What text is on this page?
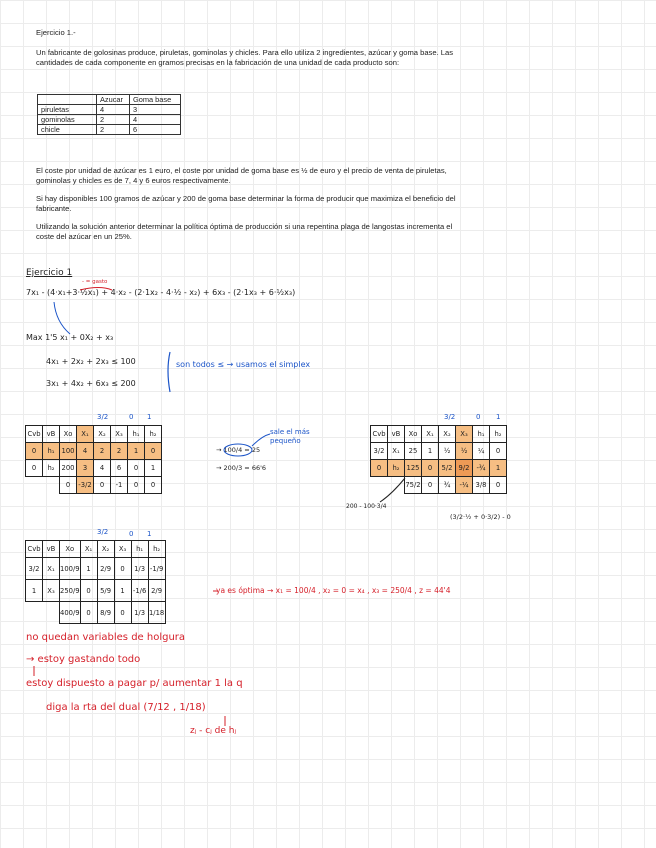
Ejercicio 1.-

Un fabricante de golosinas produce, piruletas, gominolas y chicles. Para ello utiliza 2 ingredientes, azúcar y goma base. Las cantidades de cada componente en gramos precisas en la fabricación de una unidad de cada producto son:

	Azucar	Goma base
piruletas	4	3
gominolas	2	4
chicle	2	6

El coste por unidad de azúcar es 1 euro, el coste por unidad de goma base es ½ de euro y el precio de venta de piruletas, gominolas y chicles es de 7, 4 y 6 euros respectivamente.

Si hay disponibles 100 gramos de azúcar y 200 de goma base determinar la forma de producir que maximiza el beneficio del fabricante.

Utilizando la solución anterior determinar la política óptima de producción si una repentina plaga de langostas incrementa el coste del azúcar en un 25%.

Ejercicio 1
- = gasto
7x₁ - (4·x₁+3·½x₁) + 4·x₂ - (2·1x₂ - 4·½ - x₂) + 6x₃ - (2·1x₃ + 6·½x₃)
Max 1'5 x₁ + 0X₂ + x₃
4x₁ + 2x₂ + 2x₃ ≤ 100
3x₁ + 4x₂ + 6x₃ ≤ 200
son todos ≤ → usamos el simplex
3/2	0 1
Cvb	vB	Xo	X₁	X₂	X₃	h₁	h₂
0	h₁	100	4	2	2	1	0
0	h₂	200	3	4	6	0	1
		0	-3/2	0	-1	0	0
→ 100/4 = 25
→ 200/3 = 66'6
sale el más pequeño
3/2	0 1
Cvb	vB	Xo	X₁	X₂	X₃	h₁	h₂
3/2	X₁	25	1	½	½	¼	0
0	h₂	125	0	5/2	9/2	-¾	1
		75/2	0	¾	-¼	3/8	0
200 - 100·3/4
(3/2·½ + 0·3/2) - 0
3/2	0 1
Cvb	vB	Xo	X₁	X₂	X₃	h₁	h₂
3/2	X₁	100/9	1	2/9	0	1/3	-1/9
1	X₃	250/9	0	5/9	1	-1/6	2/9
		400/9	0	8/9	0	1/3	1/18
ya es óptima → x₁ = 100/4 , x₂ = 0 = x₄ , x₃ = 250/4 , z = 44'4
no quedan variables de holgura
→ estoy gastando todo
estoy dispuesto a pagar p/ aumentar 1 la q
diga la rta del dual (7/12 , 1/18)
zⱼ - cⱼ de hⱼ
